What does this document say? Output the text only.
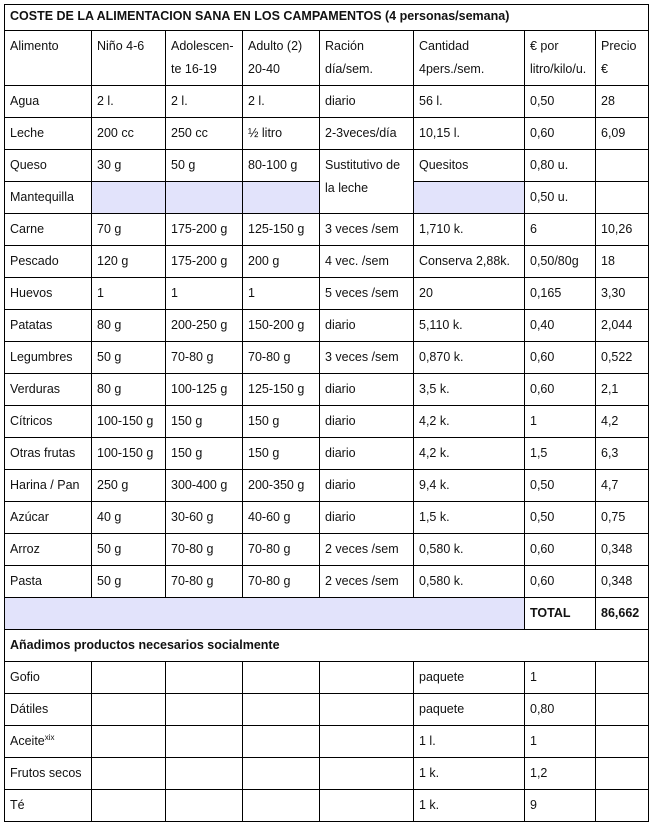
COSTE DE LA ALIMENTACION SANA EN LOS CAMPAMENTOS (4 personas/semana)							
Alimento	Niño 4-6	Adolescen-te 16-19	Adulto (2) 20-40	Ración día/sem.	Cantidad 4pers./sem.	€ por litro/kilo/u.	Precio €
Agua	2 l.	2 l.	2 l.	diario	56 l.	0,50	28
Leche	200 cc	250 cc	½ litro	2-3veces/día	10,15 l.	0,60	6,09
Queso	30 g	50 g	80-100 g	Sustitutivo de la leche	Quesitos	0,80 u.	
Mantequilla						0,50 u.	
Carne	70 g	175-200 g	125-150 g	3 veces /sem	1,710 k.	6	10,26
Pescado	120 g	175-200 g	200 g	4 vec. /sem	Conserva 2,88k.	0,50/80g	18
Huevos	1	1	1	5 veces /sem	20	0,165	3,30
Patatas	80 g	200-250 g	150-200 g	diario	5,110 k.	0,40	2,044
Legumbres	50 g	70-80 g	70-80 g	3 veces /sem	0,870 k.	0,60	0,522
Verduras	80 g	100-125 g	125-150 g	diario	3,5 k.	0,60	2,1
Cítricos	100-150 g	150 g	150 g	diario	4,2 k.	1	4,2
Otras frutas	100-150 g	150 g	150 g	diario	4,2 k.	1,5	6,3
Harina / Pan	250 g	300-400 g	200-350 g	diario	9,4 k.	0,50	4,7
Azúcar	40 g	30-60 g	40-60 g	diario	1,5 k.	0,50	0,75
Arroz	50 g	70-80 g	70-80 g	2 veces /sem	0,580 k.	0,60	0,348
Pasta	50 g	70-80 g	70-80 g	2 veces /sem	0,580 k.	0,60	0,348
						TOTAL	86,662
Añadimos productos necesarios socialmente							
Gofio					paquete	1	
Dátiles					paquete	0,80	
Aceite$^{xix}$					1 l.	1	
Frutos secos					1 k.	1,2	
Té					1 k.	9	
